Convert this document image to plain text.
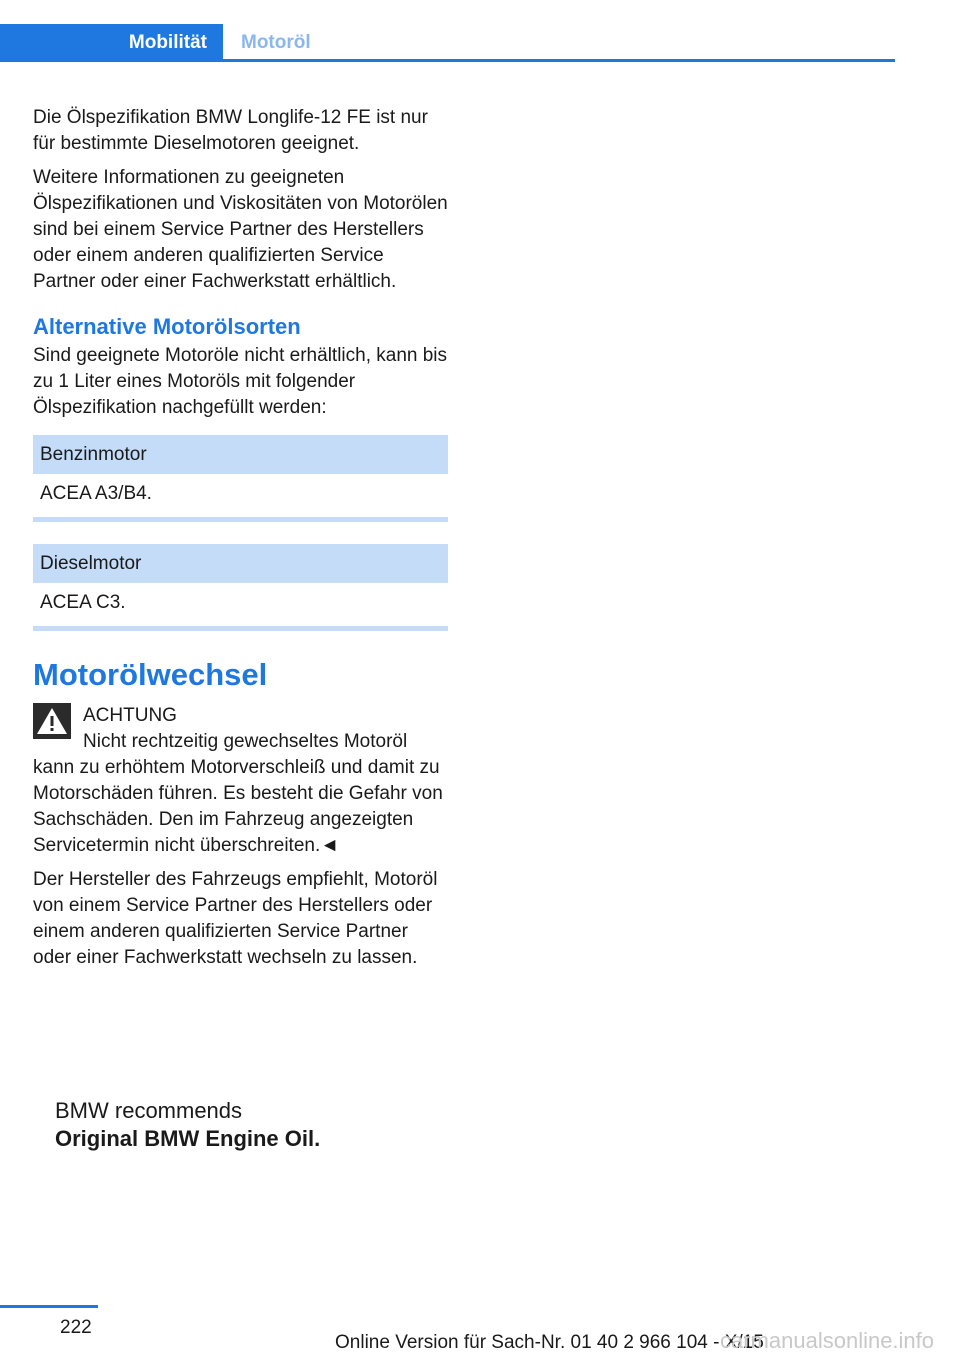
Mobilität	Motoröl

Die Ölspezifikation BMW Longlife-12 FE ist nur für bestimmte Dieselmotoren geeignet.

Weitere Informationen zu geeigneten Ölspezifikationen und Viskositäten von Motorölen sind bei einem Service Partner des Herstellers oder einem anderen qualifizierten Service Partner oder einer Fachwerkstatt erhältlich.

Alternative Motorölsorten

Sind geeignete Motoröle nicht erhältlich, kann bis zu 1 Liter eines Motoröls mit folgender Ölspezifikation nachgefüllt werden:

Benzinmotor
ACEA A3/B4.
Dieselmotor
ACEA C3.
Motorölwechsel
ACHTUNG
Nicht rechtzeitig gewechseltes Motoröl
kann zu erhöhtem Motorverschleiß und damit zu Motorschäden führen. Es besteht die Gefahr von Sachschäden. Den im Fahrzeug angezeigten Servicetermin nicht überschreiten.◄

Der Hersteller des Fahrzeugs empfiehlt, Motoröl von einem Service Partner des Herstellers oder einem anderen qualifizierten Service Partner oder einer Fachwerkstatt wechseln zu lassen.

BMW recommends
Original BMW Engine Oil.
222
Online Version für Sach-Nr. 01 40 2 966 104 - X/15
carmanualsonline.info
